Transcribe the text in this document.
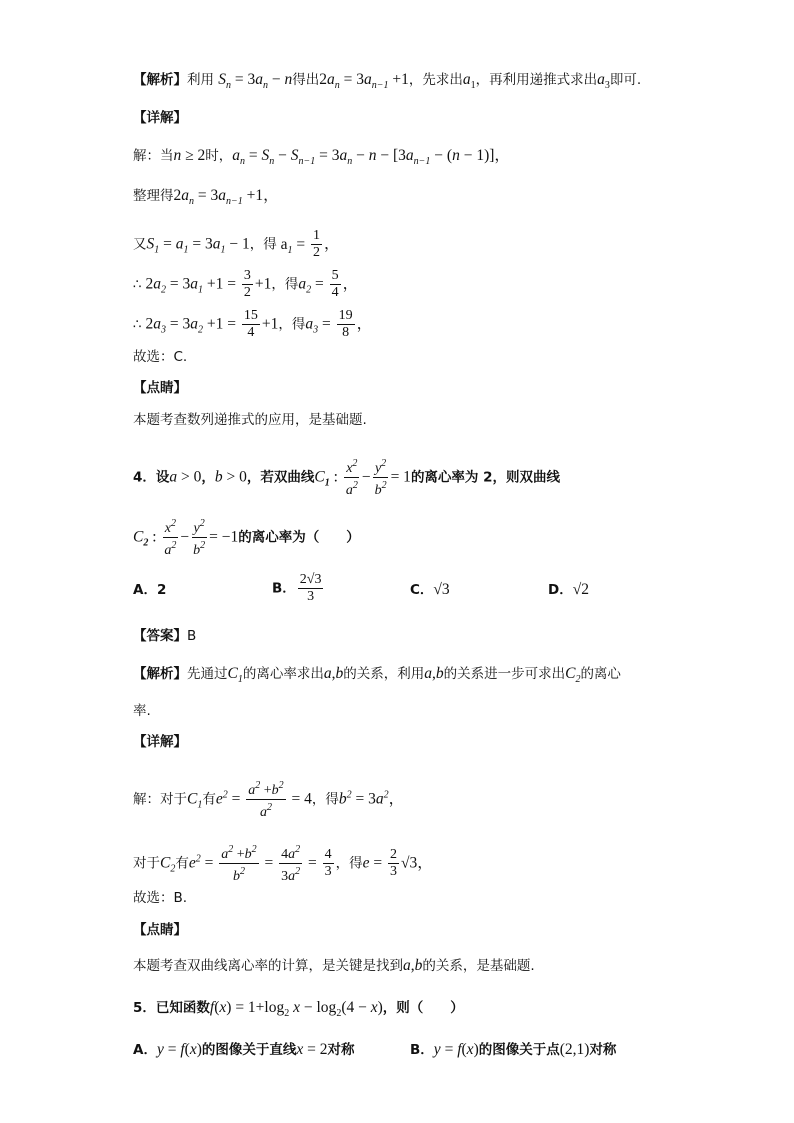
【解析】利用 $S_n = 3a_n - n$得出$2a_n = 3a_{n-1} +1$，先求出$a_1$，再利用递推式求出$a_3$即可.
【详解】
解：当n ≥ 2时，$a_n = S_n - S_{n-1} = 3a_n - n - [3a_{n-1} - (n - 1)]$，
整理得$2a_n = 3a_{n-1} +1$，
又$S_1 = a_1 = 3a_1 - 1$，得 $a_1 = \frac{1}{2}$ ，
∴ $2a_2 = 3a_1 +1 = \frac{3}{2} +1$，得$a_2 = \frac{5}{4}$ ，
∴ $2a_3 = 3a_2 +1 = \frac{15}{4} +1$，得$a_3 = \frac{19}{8}$ ，
故选：C.
【点睛】
本题考查数列递推式的应用，是基础题.
4．设a > 0，b > 0，若双曲线$C_1$ : $\frac{x^2}{a^2} - \frac{y^2}{b^2} = 1$的离心率为 2，则双曲线
$C_2$ : $\frac{x^2}{a^2} - \frac{y^2}{b^2} = -1$的离心率为（　　）
A．2	B． $\frac{2√3}{3}$	C．√3	D．√2
【答案】B
【解析】先通过$C_1$的离心率求出a,b的关系，利用a,b的关系进一步可求出$C_2$的离心
率.
【详解】
解：对于$C_1$有$e^2 = \frac{a^2 +b^2}{a^2} = 4$，得$b^2 = 3a^2$，
对于$C_2$有$e^2 = \frac{a^2 +b^2}{b^2} = \frac{4a^2}{3a^2} = \frac{4}{3}$ ，得$e = \frac{2}{3} √3$，
故选：B.
【点睛】
本题考查双曲线离心率的计算，是关键是找到a,b的关系，是基础题.
5．已知函数$f(x) = 1+\log_2$ $x - \log_2(4 - x)$，则（　　）
A．y = f(x)的图像关于直线x = 2对称	B．y = f(x)的图像关于点(2,1)对称
